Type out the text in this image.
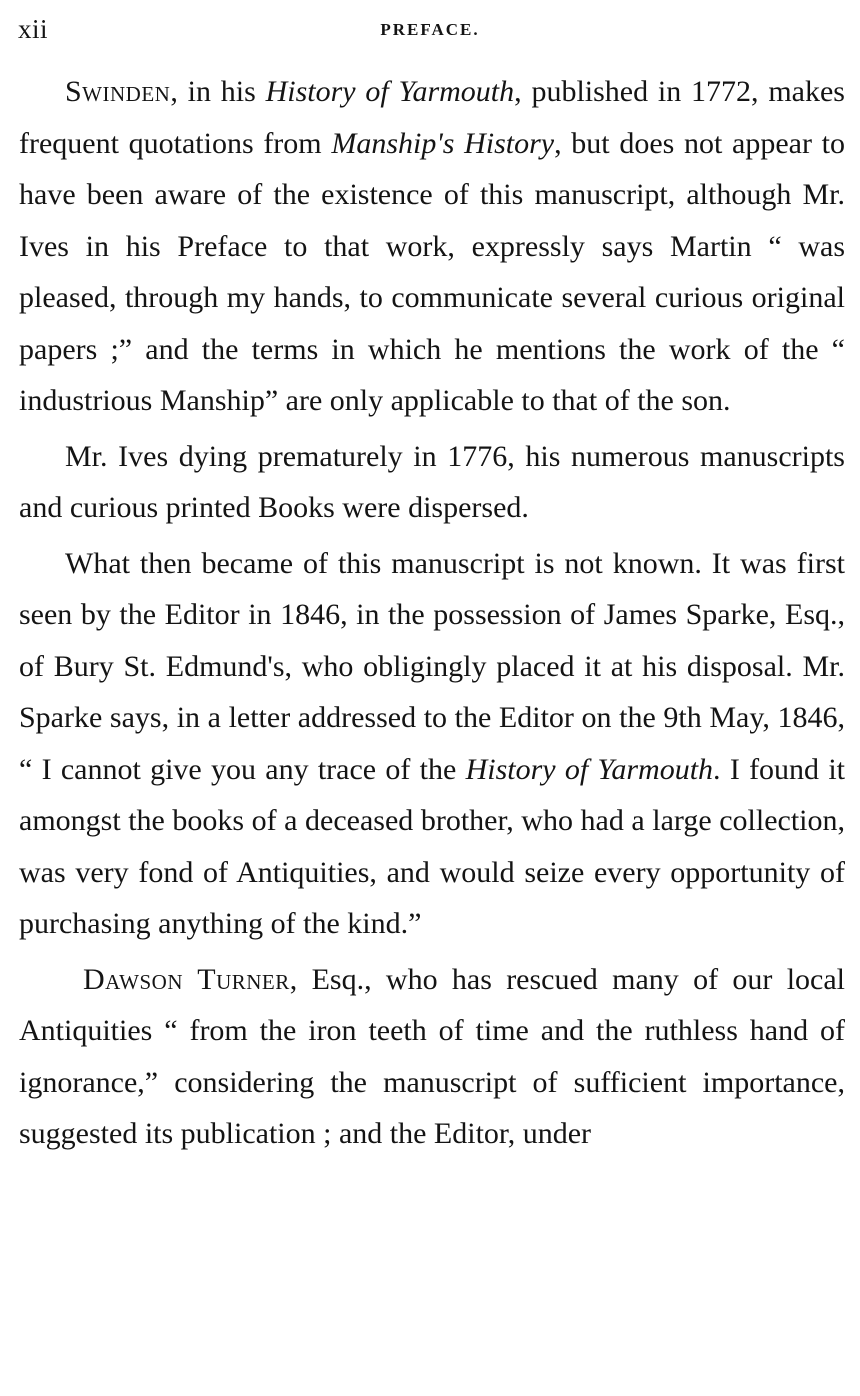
xii	PREFACE.

Swinden, in his History of Yarmouth, published in 1772, makes frequent quotations from Manship's History, but does not appear to have been aware of the existence of this manuscript, although Mr. Ives in his Preface to that work, expressly says Martin “ was pleased, through my hands, to communicate several curious original papers ;” and the terms in which he mentions the work of the “ industrious Manship” are only applicable to that of the son.

Mr. Ives dying prematurely in 1776, his numerous manuscripts and curious printed Books were dispersed.

What then became of this manuscript is not known. It was first seen by the Editor in 1846, in the possession of James Sparke, Esq., of Bury St. Edmund's, who obligingly placed it at his disposal. Mr. Sparke says, in a letter addressed to the Editor on the 9th May, 1846, “ I cannot give you any trace of the History of Yarmouth. I found it amongst the books of a deceased brother, who had a large collection, was very fond of Antiquities, and would seize every opportunity of purchasing anything of the kind.”

Dawson Turner, Esq., who has rescued many of our local Antiquities “ from the iron teeth of time and the ruthless hand of ignorance,” considering the manuscript of sufficient importance, suggested its publication ; and the Editor, under
